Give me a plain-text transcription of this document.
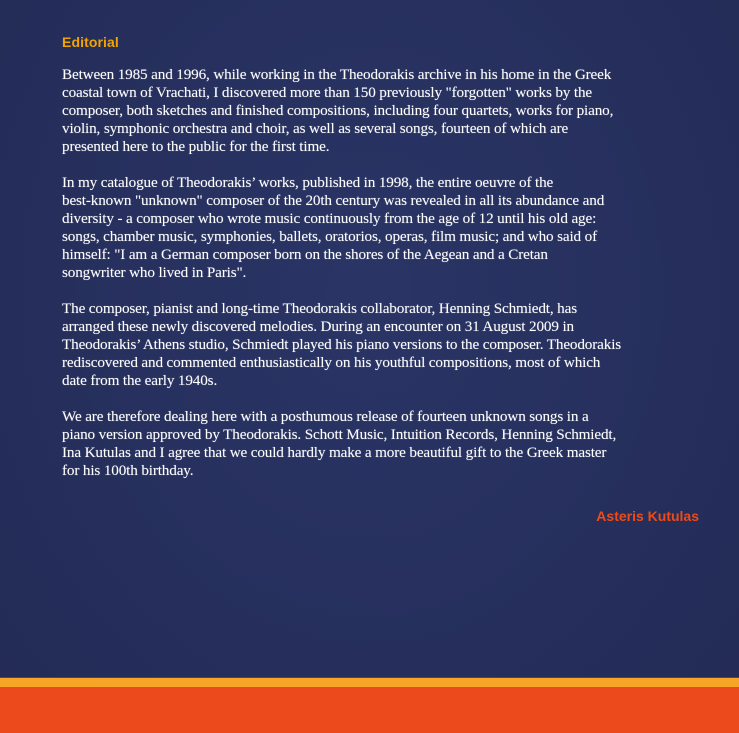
Editorial
Between 1985 and 1996, while working in the Theodorakis archive in his home in the Greek
coastal town of Vrachati, I discovered more than 150 previously "forgotten" works by the
composer, both sketches and finished compositions, including four quartets, works for piano,
violin, symphonic orchestra and choir, as well as several songs, fourteen of which are
presented here to the public for the first time.
In my catalogue of Theodorakis’ works, published in 1998, the entire oeuvre of the
best-known "unknown" composer of the 20th century was revealed in all its abundance and
diversity - a composer who wrote music continuously from the age of 12 until his old age:
songs, chamber music, symphonies, ballets, oratorios, operas, film music; and who said of
himself: "I am a German composer born on the shores of the Aegean and a Cretan
songwriter who lived in Paris".
The composer, pianist and long-time Theodorakis collaborator, Henning Schmiedt, has
arranged these newly discovered melodies. During an encounter on 31 August 2009 in
Theodorakis’ Athens studio, Schmiedt played his piano versions to the composer. Theodorakis
rediscovered and commented enthusiastically on his youthful compositions, most of which
date from the early 1940s.
We are therefore dealing here with a posthumous release of fourteen unknown songs in a
piano version approved by Theodorakis. Schott Music, Intuition Records, Henning Schmiedt,
Ina Kutulas and I agree that we could hardly make a more beautiful gift to the Greek master
for his 100th birthday.
Asteris Kutulas
